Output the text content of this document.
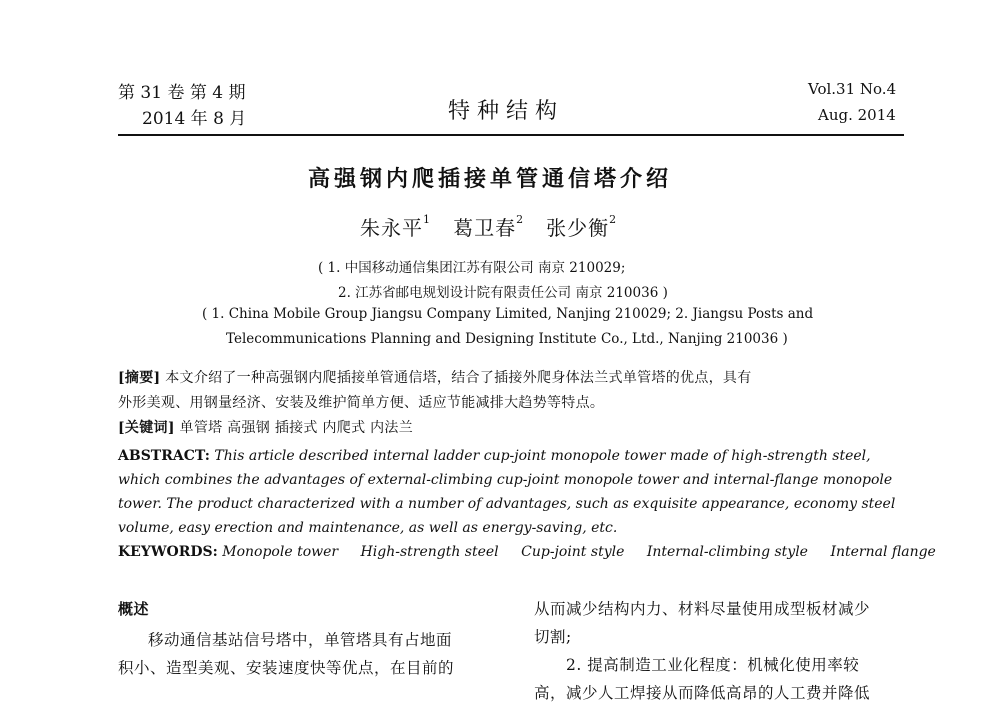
第 31 卷 第 4 期
2014 年 8 月	特 种 结 构
Vol.31 No.4
Aug. 2014
高强钢内爬插接单管通信塔介绍
朱永平$^1$ 葛卫春$^2$ 张少衡$^2$
( 1. 中国移动通信集团江苏有限公司 南京 210029;
2. 江苏省邮电规划设计院有限责任公司 南京 210036 )
( 1. China Mobile Group Jiangsu Company Limited, Nanjing 210029; 2. Jiangsu Posts and
Telecommunications Planning and Designing Institute Co., Ltd., Nanjing 210036 )
[摘要] 本文介绍了一种高强钢内爬插接单管通信塔，结合了插接外爬身体法兰式单管塔的优点，具有
外形美观、用钢量经济、安装及维护简单方便、适应节能减排大趋势等特点。
[关键词] 单管塔 高强钢 插接式 内爬式 内法兰
ABSTRACT: This article described internal ladder cup-joint monopole tower made of high-strength steel,
which combines the advantages of external-climbing cup-joint monopole tower and internal-flange monopole
tower. The product characterized with a number of advantages, such as exquisite appearance, economy steel
volume, easy erection and maintenance, as well as energy-saving, etc.
KEYWORDS: Monopole tower High-strength steel Cup-joint style Internal-climbing style Internal flange
概述
移动通信基站信号塔中，单管塔具有占地面
积小、造型美观、安装速度快等优点，在目前的
从而减少结构内力、材料尽量使用成型板材减少
切割;
2. 提高制造工业化程度：机械化使用率较
高，减少人工焊接从而降低高昂的人工费并降低
